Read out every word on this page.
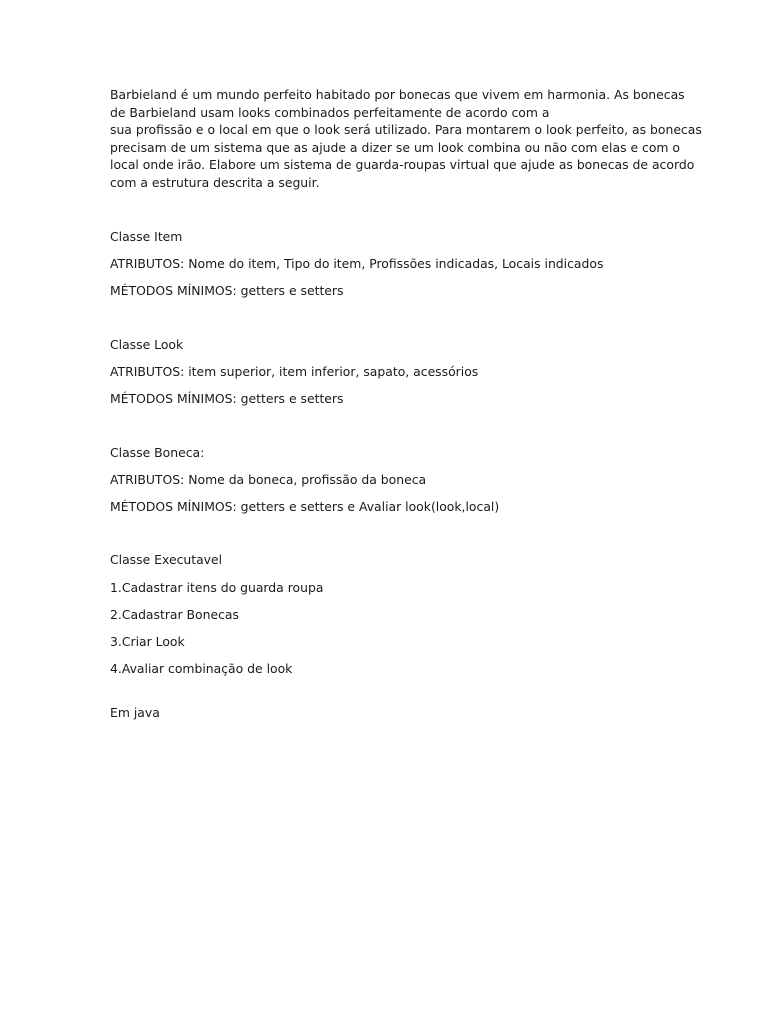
Barbieland é um mundo perfeito habitado por bonecas que vivem em harmonia. As bonecas
de Barbieland usam looks combinados perfeitamente de acordo com a
sua profissão e o local em que o look será utilizado. Para montarem o look perfeito, as bonecas
precisam de um sistema que as ajude a dizer se um look combina ou não com elas e com o
local onde irão. Elabore um sistema de guarda-roupas virtual que ajude as bonecas de acordo
com a estrutura descrita a seguir.
Classe Item
ATRIBUTOS: Nome do item, Tipo do item, Profissões indicadas, Locais indicados
MÉTODOS MÍNIMOS: getters e setters
Classe Look
ATRIBUTOS: item superior, item inferior, sapato, acessórios
MÉTODOS MÍNIMOS: getters e setters
Classe Boneca:
ATRIBUTOS: Nome da boneca, profissão da boneca
MÉTODOS MÍNIMOS: getters e setters e Avaliar look(look,local)
Classe Executavel
1.Cadastrar itens do guarda roupa
2.Cadastrar Bonecas
3.Criar Look
4.Avaliar combinação de look
Em java
